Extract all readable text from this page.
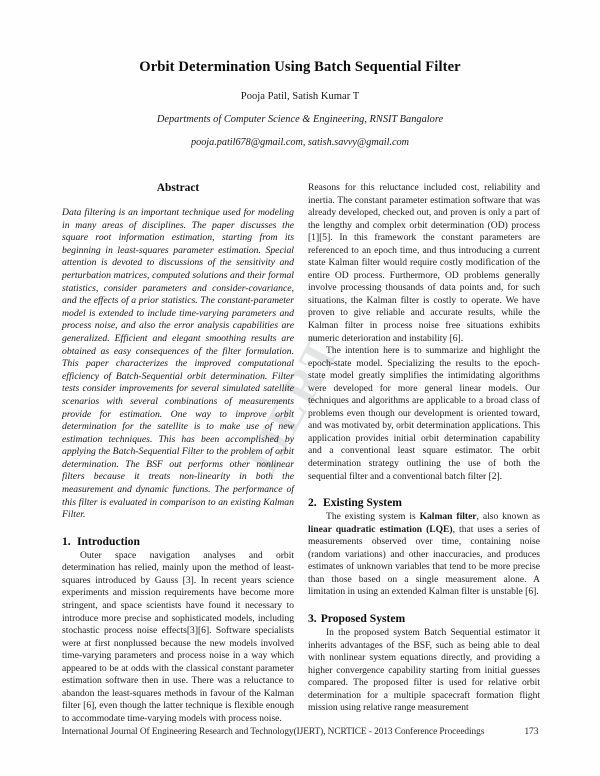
IJERT
Orbit Determination Using Batch Sequential Filter
Pooja Patil, Satish Kumar T
Departments of Computer Science & Engineering, RNSIT Bangalore
pooja.patil678@gmail.com, satish.savvy@gmail.com
Abstract

Data filtering is an important technique used for modeling in many areas of disciplines. The paper discusses the square root information estimation, starting from its beginning in least-squares parameter estimation. Special attention is devoted to discussions of the sensitivity and perturbation matrices, computed solutions and their formal statistics, consider parameters and consider-covariance, and the effects of a prior statistics. The constant-parameter model is extended to include time-varying parameters and process noise, and also the error analysis capabilities are generalized. Efficient and elegant smoothing results are obtained as easy consequences of the filter formulation. This paper characterizes the improved computational efficiency of Batch-Sequential orbit determination. Filter tests consider improvements for several simulated satellite scenarios with several combinations of measurements provide for estimation. One way to improve orbit determination for the satellite is to make use of new estimation techniques. This has been accomplished by applying the Batch-Sequential Filter to the problem of orbit determination. The BSF out performs other nonlinear filters because it treats non-linearity in both the measurement and dynamic functions. The performance of this filter is evaluated in comparison to an existing Kalman Filter.

1. Introduction

Outer space navigation analyses and orbit determination has relied, mainly upon the method of least-squares introduced by Gauss [3]. In recent years science experiments and mission requirements have become more stringent, and space scientists have found it necessary to introduce more precise and sophisticated models, including stochastic process noise effects[3][6]. Software specialists were at first nonplussed because the new models involved time-varying parameters and process noise in a way which appeared to be at odds with the classical constant parameter estimation software then in use. There was a reluctance to abandon the least-squares methods in favour of the Kalman filter [6], even though the latter technique is flexible enough to accommodate time-varying models with process noise.

Reasons for this reluctance included cost, reliability and inertia. The constant parameter estimation software that was already developed, checked out, and proven is only a part of the lengthy and complex orbit determination (OD) process [1][5]. In this framework the constant parameters are referenced to an epoch time, and thus introducing a current state Kalman filter would require costly modification of the entire OD process. Furthermore, OD problems generally involve processing thousands of data points and, for such situations, the Kalman filter is costly to operate. We have proven to give reliable and accurate results, while the Kalman filter in process noise free situations exhibits numeric deterioration and instability [6].

The intention here is to summarize and highlight the epoch-state model. Specializing the results to the epoch-state model greatly simplifies the intimidating algorithms were developed for more general linear models. Our techniques and algorithms are applicable to a broad class of problems even though our development is oriented toward, and was motivated by, orbit determination applications. This application provides initial orbit determination capability and a conventional least square estimator. The orbit determination strategy outlining the use of both the sequential filter and a conventional batch filter [2].

2. Existing System

The existing system is Kalman filter, also known as linear quadratic estimation (LQE), that uses a series of measurements observed over time, containing noise (random variations) and other inaccuracies, and produces estimates of unknown variables that tend to be more precise than those based on a single measurement alone. A limitation in using an extended Kalman filter is unstable [6].

3. Proposed System

In the proposed system Batch Sequential estimator it inherits advantages of the BSF, such as being able to deal with nonlinear system equations directly, and providing a higher convergence capability starting from initial guesses compared. The proposed filter is used for relative orbit determination for a multiple spacecraft formation flight mission using relative range measurement

International Journal Of Engineering Research and Technology(IJERT), NCRTICE - 2013 Conference Proceedings	173
